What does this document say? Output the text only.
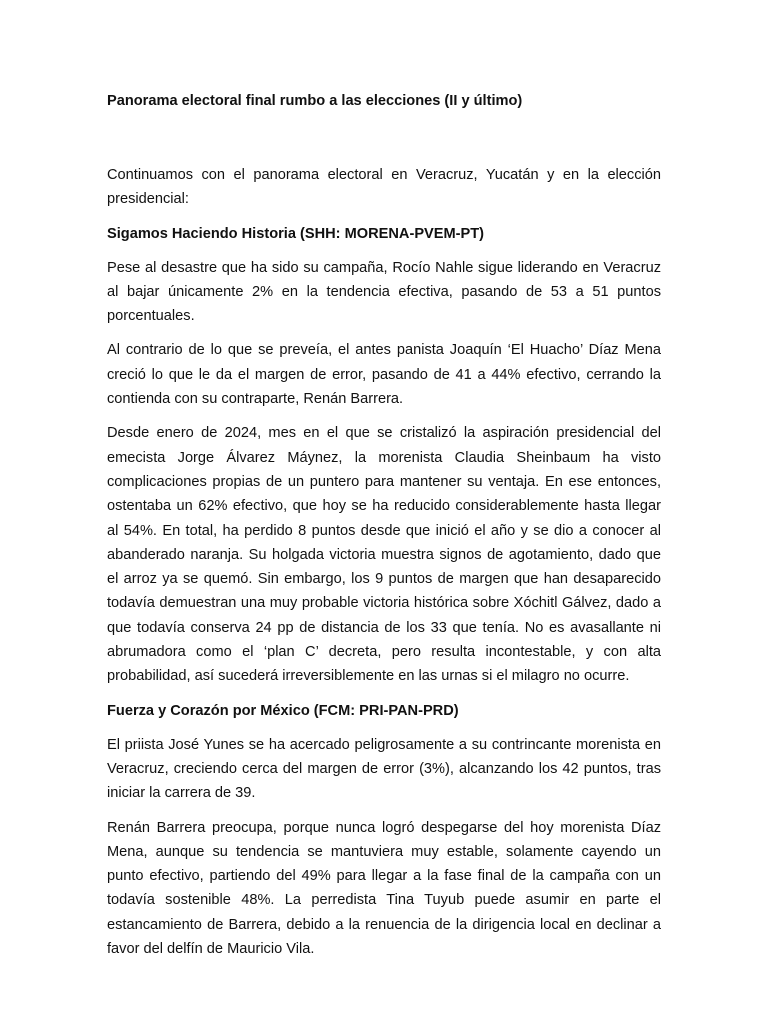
Panorama electoral final rumbo a las elecciones (II y último)

Continuamos con el panorama electoral en Veracruz, Yucatán y en la elección presidencial:

Sigamos Haciendo Historia (SHH: MORENA-PVEM-PT)

Pese al desastre que ha sido su campaña, Rocío Nahle sigue liderando en Veracruz al bajar únicamente 2% en la tendencia efectiva, pasando de 53 a 51 puntos porcentuales.

Al contrario de lo que se preveía, el antes panista Joaquín ‘El Huacho’ Díaz Mena creció lo que le da el margen de error, pasando de 41 a 44% efectivo, cerrando la contienda con su contraparte, Renán Barrera.

Desde enero de 2024, mes en el que se cristalizó la aspiración presidencial del emecista Jorge Álvarez Máynez, la morenista Claudia Sheinbaum ha visto complicaciones propias de un puntero para mantener su ventaja. En ese entonces, ostentaba un 62% efectivo, que hoy se ha reducido considerablemente hasta llegar al 54%. En total, ha perdido 8 puntos desde que inició el año y se dio a conocer al abanderado naranja. Su holgada victoria muestra signos de agotamiento, dado que el arroz ya se quemó. Sin embargo, los 9 puntos de margen que han desaparecido todavía demuestran una muy probable victoria histórica sobre Xóchitl Gálvez, dado a que todavía conserva 24 pp de distancia de los 33 que tenía. No es avasallante ni abrumadora como el ‘plan C’ decreta, pero resulta incontestable, y con alta probabilidad, así sucederá irreversiblemente en las urnas si el milagro no ocurre.

Fuerza y Corazón por México (FCM: PRI-PAN-PRD)

El priista José Yunes se ha acercado peligrosamente a su contrincante morenista en Veracruz, creciendo cerca del margen de error (3%), alcanzando los 42 puntos, tras iniciar la carrera de 39.

Renán Barrera preocupa, porque nunca logró despegarse del hoy morenista Díaz Mena, aunque su tendencia se mantuviera muy estable, solamente cayendo un punto efectivo, partiendo del 49% para llegar a la fase final de la campaña con un todavía sostenible 48%. La perredista Tina Tuyub puede asumir en parte el estancamiento de Barrera, debido a la renuencia de la dirigencia local en declinar a favor del delfín de Mauricio Vila.
